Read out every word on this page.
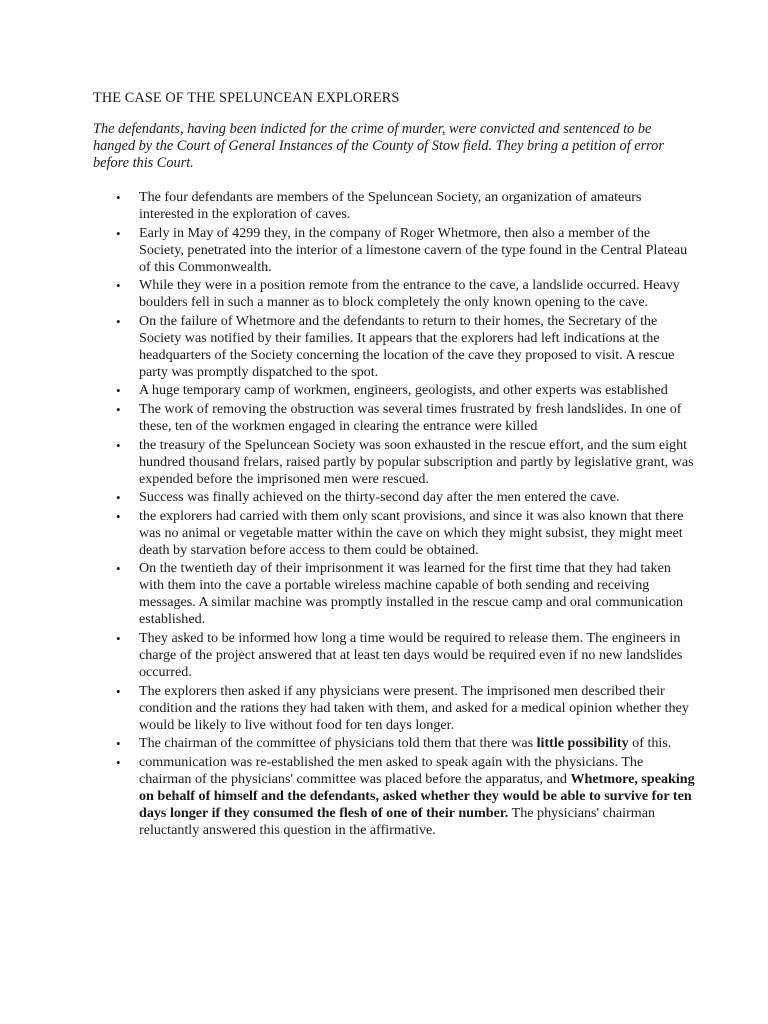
THE CASE OF THE SPELUNCEAN EXPLORERS

The defendants, having been indicted for the crime of murder, were convicted and sentenced to be hanged by the Court of General Instances of the County of Stow field. They bring a petition of error before this Court.

•	The four defendants are members of the Speluncean Society, an organization of amateurs interested in the exploration of caves.
•	Early in May of 4299 they, in the company of Roger Whetmore, then also a member of the Society, penetrated into the interior of a limestone cavern of the type found in the Central Plateau of this Commonwealth.
•	While they were in a position remote from the entrance to the cave, a landslide occurred. Heavy boulders fell in such a manner as to block completely the only known opening to the cave.
•	On the failure of Whetmore and the defendants to return to their homes, the Secretary of the Society was notified by their families. It appears that the explorers had left indications at the headquarters of the Society concerning the location of the cave they proposed to visit. A rescue party was promptly dispatched to the spot.
•	A huge temporary camp of workmen, engineers, geologists, and other experts was established
•	The work of removing the obstruction was several times frustrated by fresh landslides. In one of these, ten of the workmen engaged in clearing the entrance were killed
•	the treasury of the Speluncean Society was soon exhausted in the rescue effort, and the sum eight hundred thousand frelars, raised partly by popular subscription and partly by legislative grant, was expended before the imprisoned men were rescued.
•	Success was finally achieved on the thirty-second day after the men entered the cave.
•	the explorers had carried with them only scant provisions, and since it was also known that there was no animal or vegetable matter within the cave on which they might subsist, they might meet death by starvation before access to them could be obtained.
•	On the twentieth day of their imprisonment it was learned for the first time that they had taken with them into the cave a portable wireless machine capable of both sending and receiving messages. A similar machine was promptly installed in the rescue camp and oral communication established.
•	They asked to be informed how long a time would be required to release them. The engineers in charge of the project answered that at least ten days would be required even if no new landslides occurred.
•	The explorers then asked if any physicians were present. The imprisoned men described their condition and the rations they had taken with them, and asked for a medical opinion whether they would be likely to live without food for ten days longer.
•	The chairman of the committee of physicians told them that there was little possibility of this.
•	communication was re-established the men asked to speak again with the physicians. The chairman of the physicians' committee was placed before the apparatus, and Whetmore, speaking on behalf of himself and the defendants, asked whether they would be able to survive for ten days longer if they consumed the flesh of one of their number. The physicians' chairman reluctantly answered this question in the affirmative.
